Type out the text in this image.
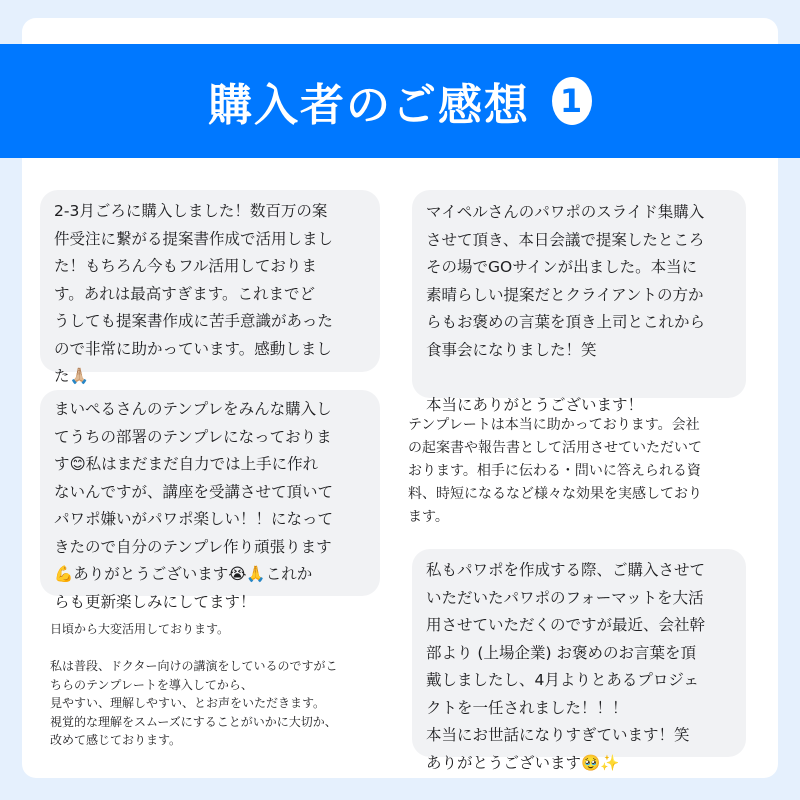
購入者のご感想 1
2-3月ごろに購入しました！数百万の案
件受注に繋がる提案書作成で活用しまし
た！もちろん今もフル活用しておりま
す。あれは最高すぎます。これまでど
うしても提案書作成に苦手意識があった
ので非常に助かっています。感動しまし
た🙏🏼
まいぺるさんのテンプレをみんな購入し
てうちの部署のテンプレになっておりま
す😊私はまだまだ自力では上手に作れ
ないんですが、講座を受講させて頂いて
パワポ嫌いがパワポ楽しい！！になって
きたので自分のテンプレ作り頑張ります
💪ありがとうございます😭🙏これか
らも更新楽しみにしてます！
日頃から大変活用しております。

私は普段、ドクター向けの講演をしているのですがこ
ちらのテンプレートを導入してから、
見やすい、理解しやすい、とお声をいただきます。
視覚的な理解をスムーズにすることがいかに大切か、
改めて感じております。
マイペルさんのパワポのスライド集購入
させて頂き、本日会議で提案したところ
その場でGOサインが出ました。本当に
素晴らしい提案だとクライアントの方か
らもお褒めの言葉を頂き上司とこれから
食事会になりました！笑

本当にありがとうございます！
テンプレートは本当に助かっております。会社
の起案書や報告書として活用させていただいて
おります。相手に伝わる・問いに答えられる資
料、時短になるなど様々な効果を実感しており
ます。
私もパワポを作成する際、ご購入させて
いただいたパワポのフォーマットを大活
用させていただくのですが最近、会社幹
部より (上場企業) お褒めのお言葉を頂
戴しましたし、4月よりとあるプロジェ
クトを一任されました！！！
本当にお世話になりすぎています！笑
ありがとうございます🥹✨
